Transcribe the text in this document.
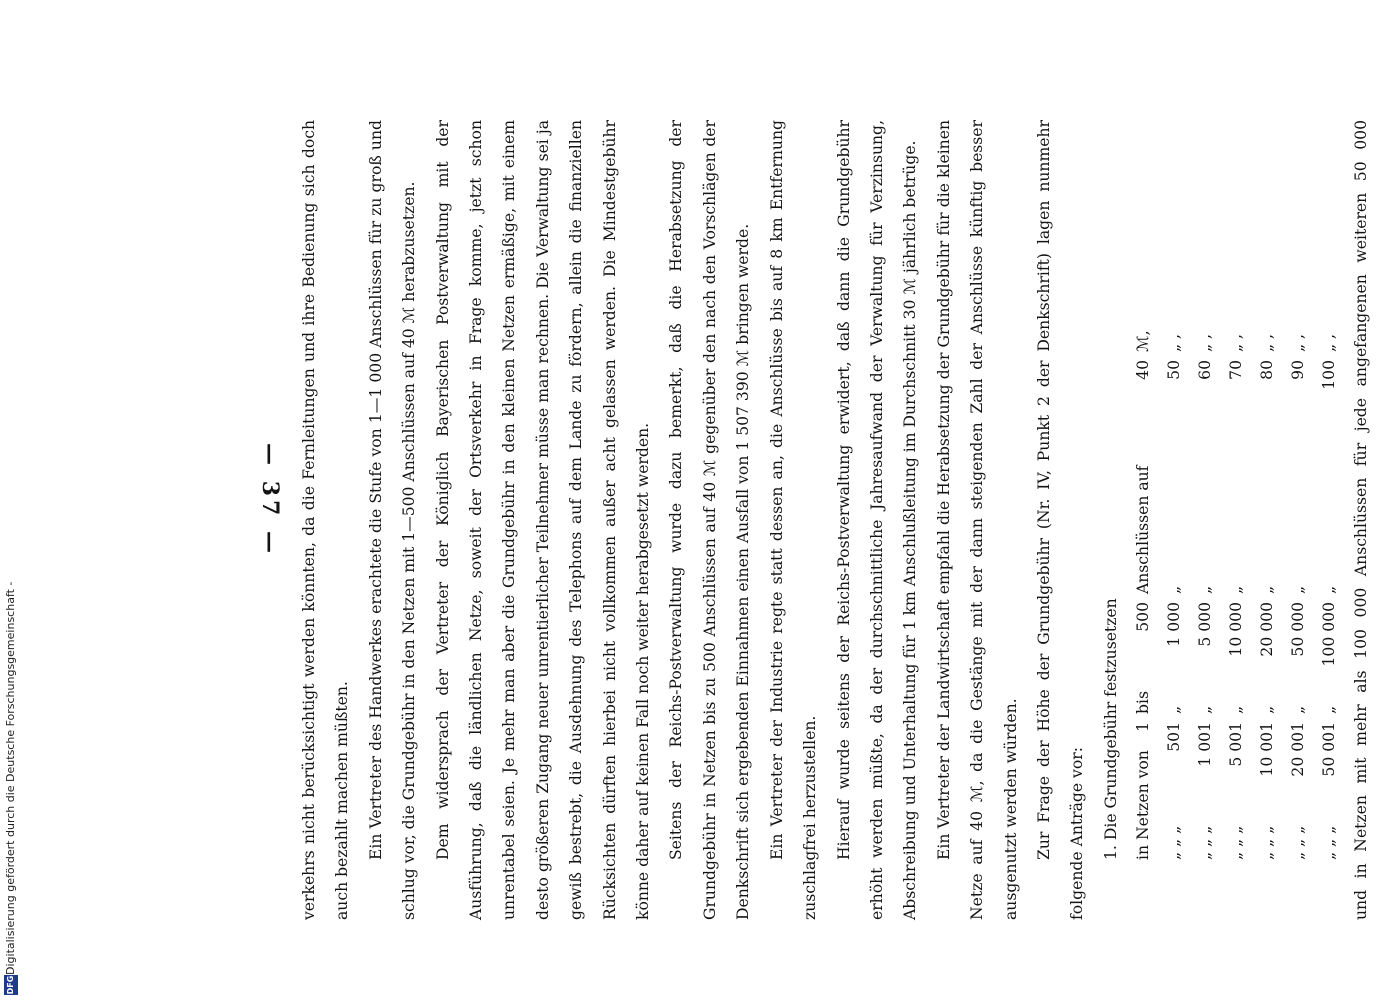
— 37 —	verkehrs nicht berücksichtigt werden könnten, da die Fernleitungen und ihre Bedienung sich doch auch bezahlt machen müßten. Ein Vertreter des Handwerkes erachtete die Stufe von 1—1 000 Anschlüssen für zu groß und schlug vor, die Grundgebühr in den Netzen mit 1—500 Anschlüssen auf 40 ℳ herabzusetzen. Dem widersprach der Vertreter der Königlich Bayerischen Postverwaltung mit der Ausführung, daß die ländlichen Netze, soweit der Ortsverkehr in Frage komme, jetzt schon unrentabel seien. Je mehr man aber die Grundgebühr in den kleinen Netzen ermäßige, mit einem desto größeren Zugang neuer unrentierlicher Teilnehmer müsse man rechnen. Die Verwaltung sei ja gewiß bestrebt, die Ausdehnung des Telephons auf dem Lande zu fördern, allein die finanziellen Rücksichten dürften hierbei nicht vollkommen außer acht gelassen werden. Die Mindestgebühr könne daher auf keinen Fall noch weiter herabgesetzt werden. Seitens der Reichs-Postverwaltung wurde dazu bemerkt, daß die Herabsetzung der Grundgebühr in Netzen bis zu 500 Anschlüssen auf 40 ℳ gegenüber den nach den Vorschlägen der Denkschrift sich ergebenden Einnahmen einen Ausfall von 1 507 390 ℳ bringen werde. Ein Vertreter der Industrie regte statt dessen an, die Anschlüsse bis auf 8 km Entfernung zuschlagfrei herzustellen. Hierauf wurde seitens der Reichs-Postverwaltung erwidert, daß dann die Grundgebühr erhöht werden müßte, da der durchschnittliche Jahresaufwand der Verwaltung für Verzinsung, Abschreibung und Unterhaltung für 1 km Anschlußleitung im Durchschnitt 30 ℳ jährlich betrüge. Ein Vertreter der Landwirtschaft empfahl die Herabsetzung der Grundgebühr für die kleinen Netze auf 40 ℳ, da die Gestänge mit der dann steigenden Zahl der Anschlüsse künftig besser ausgenutzt werden würden. Zur Frage der Höhe der Grundgebühr (Nr. IV, Punkt 2 der Denkschrift) lagen nunmehr folgende Anträge vor: 1. Die Grundgebühr festzusetzen in Netzen von
1
bis
500
Anschlüssen auf
40
ℳ,
„ „ „
501
„
1 000
„
50
„ ,
„ „ „
1 001
„
5 000
„
60
„ ,
„ „ „
5 001
„
10 000
„
70
„ ,
„ „ „
10 001
„
20 000
„
80
„ ,
„ „ „
20 001
„
50 000
„
90
„ ,
„ „ „
50 001
„
100 000
„
100
„ ,

und in Netzen mit mehr als 100 000 Anschlüssen für jede angefangenen weiteren 50 000

DFG
Digitalisierung gefördert durch die Deutsche Forschungsgemeinschaft -
